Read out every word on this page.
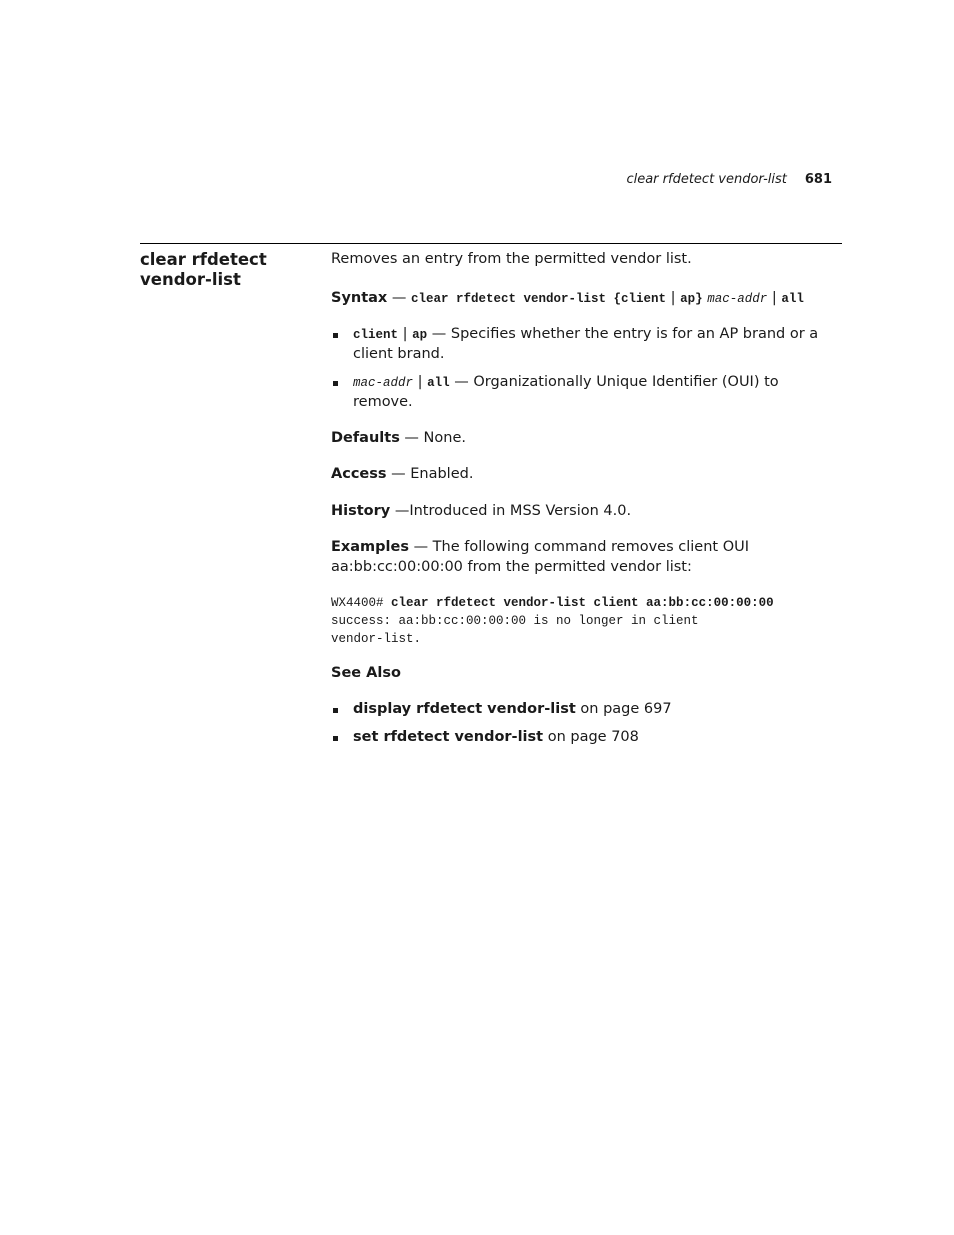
clear rfdetect vendor-list 681
clear rfdetect
vendor-list

Removes an entry from the permitted vendor list.

Syntax — clear rfdetect vendor-list {client | ap} mac-addr | all

client | ap — Specifies whether the entry is for an AP brand or a client brand.
mac-addr | all — Organizationally Unique Identifier (OUI) to remove.

Defaults — None.

Access — Enabled.

History —Introduced in MSS Version 4.0.

Examples — The following command removes client OUI aa:bb:cc:00:00:00 from the permitted vendor list:

WX4400# clear rfdetect vendor-list client aa:bb:cc:00:00:00
success: aa:bb:cc:00:00:00 is no longer in client
vendor-list.

See Also

display rfdetect vendor-list on page 697
set rfdetect vendor-list on page 708
